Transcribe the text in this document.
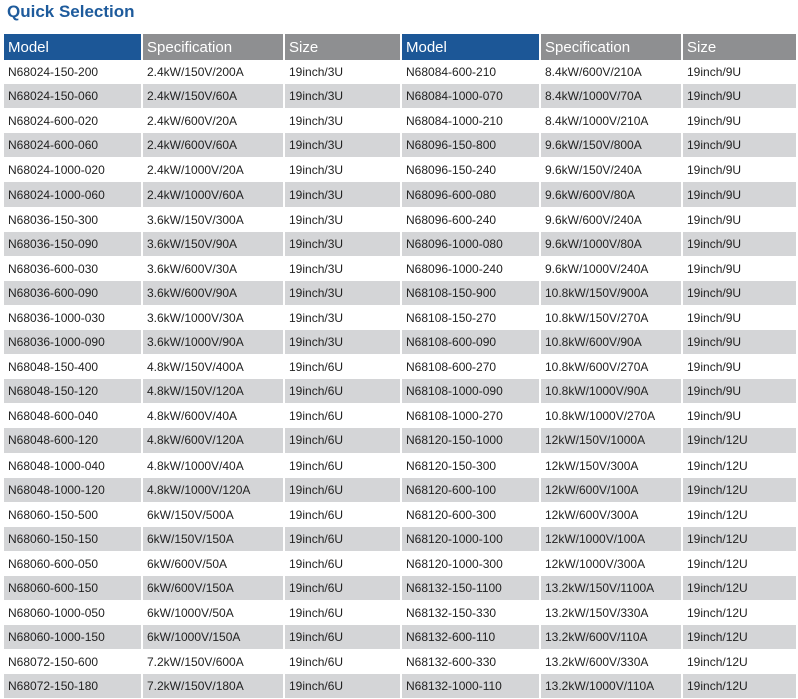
Quick Selection
Model	Specification	Size
N68024-150-200	2.4kW/150V/200A	19inch/3U
N68024-150-060	2.4kW/150V/60A	19inch/3U
N68024-600-020	2.4kW/600V/20A	19inch/3U
N68024-600-060	2.4kW/600V/60A	19inch/3U
N68024-1000-020	2.4kW/1000V/20A	19inch/3U
N68024-1000-060	2.4kW/1000V/60A	19inch/3U
N68036-150-300	3.6kW/150V/300A	19inch/3U
N68036-150-090	3.6kW/150V/90A	19inch/3U
N68036-600-030	3.6kW/600V/30A	19inch/3U
N68036-600-090	3.6kW/600V/90A	19inch/3U
N68036-1000-030	3.6kW/1000V/30A	19inch/3U
N68036-1000-090	3.6kW/1000V/90A	19inch/3U
N68048-150-400	4.8kW/150V/400A	19inch/6U
N68048-150-120	4.8kW/150V/120A	19inch/6U
N68048-600-040	4.8kW/600V/40A	19inch/6U
N68048-600-120	4.8kW/600V/120A	19inch/6U
N68048-1000-040	4.8kW/1000V/40A	19inch/6U
N68048-1000-120	4.8kW/1000V/120A	19inch/6U
N68060-150-500	6kW/150V/500A	19inch/6U
N68060-150-150	6kW/150V/150A	19inch/6U
N68060-600-050	6kW/600V/50A	19inch/6U
N68060-600-150	6kW/600V/150A	19inch/6U
N68060-1000-050	6kW/1000V/50A	19inch/6U
N68060-1000-150	6kW/1000V/150A	19inch/6U
N68072-150-600	7.2kW/150V/600A	19inch/6U
N68072-150-180	7.2kW/150V/180A	19inch/6U
Model	Specification	Size
N68084-600-210	8.4kW/600V/210A	19inch/9U
N68084-1000-070	8.4kW/1000V/70A	19inch/9U
N68084-1000-210	8.4kW/1000V/210A	19inch/9U
N68096-150-800	9.6kW/150V/800A	19inch/9U
N68096-150-240	9.6kW/150V/240A	19inch/9U
N68096-600-080	9.6kW/600V/80A	19inch/9U
N68096-600-240	9.6kW/600V/240A	19inch/9U
N68096-1000-080	9.6kW/1000V/80A	19inch/9U
N68096-1000-240	9.6kW/1000V/240A	19inch/9U
N68108-150-900	10.8kW/150V/900A	19inch/9U
N68108-150-270	10.8kW/150V/270A	19inch/9U
N68108-600-090	10.8kW/600V/90A	19inch/9U
N68108-600-270	10.8kW/600V/270A	19inch/9U
N68108-1000-090	10.8kW/1000V/90A	19inch/9U
N68108-1000-270	10.8kW/1000V/270A	19inch/9U
N68120-150-1000	12kW/150V/1000A	19inch/12U
N68120-150-300	12kW/150V/300A	19inch/12U
N68120-600-100	12kW/600V/100A	19inch/12U
N68120-600-300	12kW/600V/300A	19inch/12U
N68120-1000-100	12kW/1000V/100A	19inch/12U
N68120-1000-300	12kW/1000V/300A	19inch/12U
N68132-150-1100	13.2kW/150V/1100A	19inch/12U
N68132-150-330	13.2kW/150V/330A	19inch/12U
N68132-600-110	13.2kW/600V/110A	19inch/12U
N68132-600-330	13.2kW/600V/330A	19inch/12U
N68132-1000-110	13.2kW/1000V/110A	19inch/12U
